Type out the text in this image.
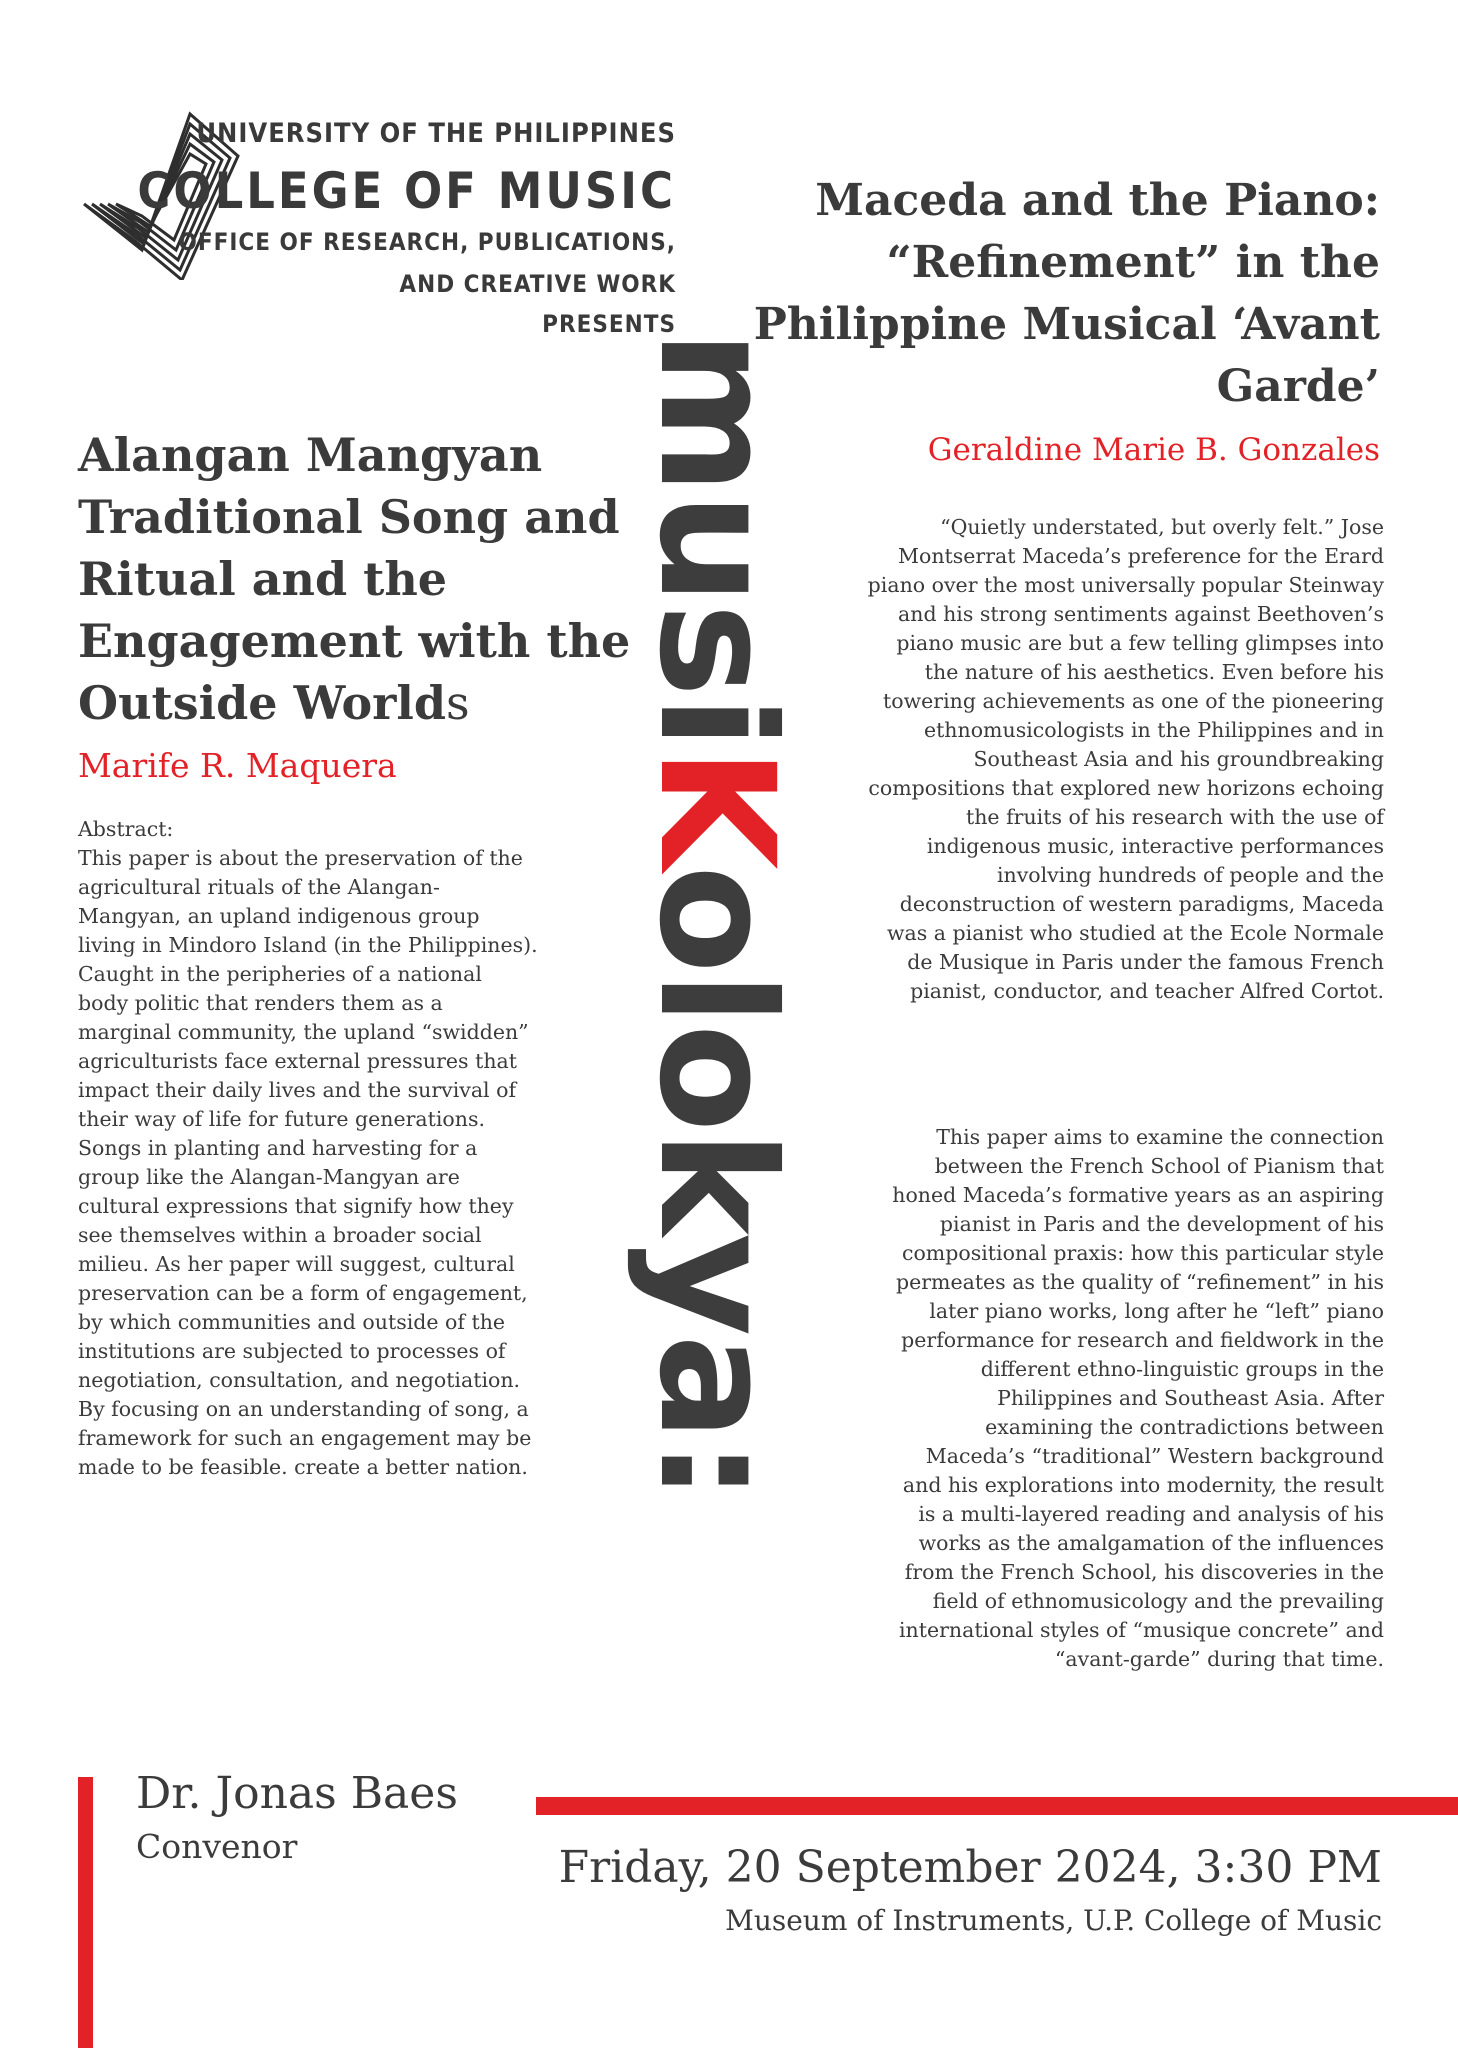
UNIVERSITY OF THE PHILIPPINES
COLLEGE OF MUSIC
OFFICE OF RESEARCH, PUBLICATIONS,
AND CREATIVE WORK
PRESENTS
musiKolokya:
Alangan Mangyan Traditional Song and Ritual and the Engagement with the Outside Worlds
Marife R. Maquera
Abstract:
This paper is about the preservation of the agricultural rituals of the Alangan-Mangyan, an upland indigenous group living in Mindoro Island (in the Philippines). Caught in the peripheries of a national body politic that renders them as a marginal community, the upland “swidden” agriculturists face external pressures that impact their daily lives and the survival of their way of life for future generations. Songs in planting and harvesting for a group like the Alangan-Mangyan are cultural expressions that signify how they see themselves within a broader social milieu. As her paper will suggest, cultural preservation can be a form of engagement, by which communities and outside of the institutions are subjected to processes of negotiation, consultation, and negotiation. By focusing on an understanding of song, a framework for such an engagement may be made to be feasible. create a better nation.
Maceda and the Piano: “Refinement” in the Philippine Musical ‘Avant Garde’
Geraldine Marie B. Gonzales
“Quietly understated, but overly felt.” Jose Montserrat Maceda’s preference for the Erard piano over the most universally popular Steinway and his strong sentiments against Beethoven’s piano music are but a few telling glimpses into the nature of his aesthetics. Even before his towering achievements as one of the pioneering ethnomusicologists in the Philippines and in Southeast Asia and his groundbreaking compositions that explored new horizons echoing the fruits of his research with the use of indigenous music, interactive performances involving hundreds of people and the deconstruction of western paradigms, Maceda was a pianist who studied at the Ecole Normale de Musique in Paris under the famous French pianist, conductor, and teacher Alfred Cortot.
This paper aims to examine the connection between the French School of Pianism that honed Maceda’s formative years as an aspiring pianist in Paris and the development of his compositional praxis: how this particular style permeates as the quality of “refinement” in his later piano works, long after he “left” piano performance for research and fieldwork in the different ethno-linguistic groups in the Philippines and Southeast Asia. After examining the contradictions between Maceda’s “traditional” Western background and his explorations into modernity, the result is a multi-layered reading and analysis of his works as the amalgamation of the influences from the French School, his discoveries in the field of ethnomusicology and the prevailing international styles of “musique concrete” and “avant-garde” during that time.
Dr. Jonas Baes
Convenor	Friday, 20 September 2024, 3:30 PM
Museum of Instruments, U.P. College of Music
